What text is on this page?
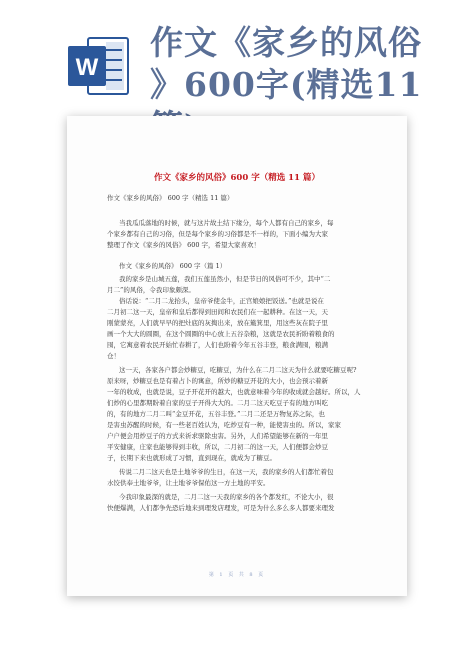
W
作文《家乡的风俗
》600字(精选11
作文《家乡的风俗》600 字（精选 11 篇）
作文《家乡的风俗》 600 字（精选 11 篇）
当我瓜瓜落地的时候，就与这片故土结下缘分，每个人都有自己的家乡，每
个家乡都有自己的习俗，但是每个家乡的习俗都是不一样的，下面小编为大家
整理了作文《家乡的风俗》 600 字，希望大家喜欢！
作文《家乡的风俗》 600 字（篇 1）
我的家乡是山城五莲，我们五莲虽然小，但是节日的风俗可不少，其中“二
月二”的风俗，令我印象颇深。
俗话说：“二月二龙抬头，皇帝爷使金牛，正宫娘娘把饭送。”也就是说在
二月初二这一天，皇帝和皇后都得到田间和农民们在一起耕种。在这一天，天
刚蒙蒙亮，人们就早早的把灶底的灰掏出来，放在簸箕里，用这些灰在院子里
画一个大大的圆圈，在这个圆圈的中心放上五谷杂粮，这就是农民祈盼着粮食的
囤，它寓意着农民开始忙春耕了，人们也盼着今年五谷丰登，粮食满囤，粮满
仓！
这一天，各家各户都会炒糖豆，吃糖豆，为什么在二月二这天为什么就要吃糖豆呢?
原来呀，炒糖豆也是有着占卜的寓意，所炒的糖豆开花的大小，也会预示着新
一年的收成，也就是说，豆子开花开的越大，也就意味着今年的收成就会越好。所以，人
们炒的心里都期盼着自家的豆子开得大大的。二月二这天吃豆子有的地方叫吃
的，有的地方二月二叫“金豆开花，五谷丰登。”二月二还是万物复苏之际，也
是害虫苏醒的时候，有一些老百姓认为，吃炒豆有一种，能使害虫的。所以，家家
户户便会用炒豆子的方式来祈求驱除虫害。另外，人们希望能够在新的一年里
平安健康，庄家也能够得到丰收，所以，二月初二的这一天，人们便都会炒豆
子，长期下来也就形成了习惯，直到现在，就成为了糖豆。
传说二月二这天也是土地爷爷的生日，在这一天，我的家乡的人们都忙着包
水饺供奉土地爷爷，让土地爷爷保佑这一方土地的平安。
今我印象最深的就是，二月二这一天我的家乡的各个都发红，不论大小，很
快便爆满，人们都争先恐后地来到理发店理发，可是为什么多么多人都要来理发
第 1 页 共 8 页
